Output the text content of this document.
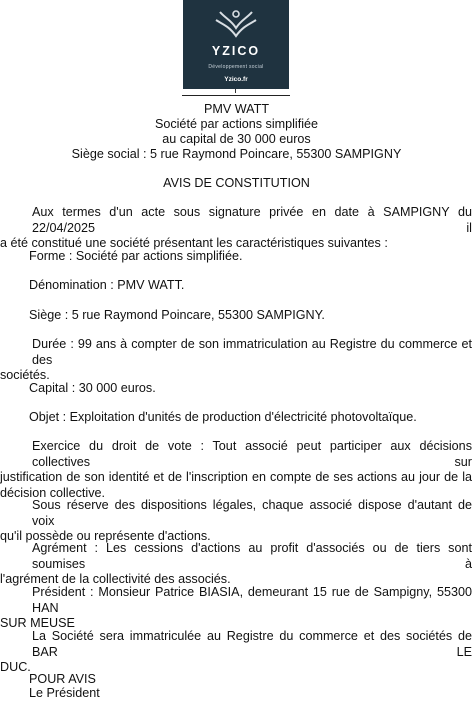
YZICO
Développement social
Yzico.fr
PMV WATT
Société par actions simplifiée
au capital de 30 000 euros
Siège social : 5 rue Raymond Poincare, 55300 SAMPIGNY
AVIS DE CONSTITUTION
Aux termes d'un acte sous signature privée en date à SAMPIGNY du 22/04/2025 il
a été constitué une société présentant les caractéristiques suivantes :
Forme : Société par actions simplifiée.
Dénomination : PMV WATT.
Siège : 5 rue Raymond Poincare, 55300 SAMPIGNY.
Durée : 99 ans à compter de son immatriculation au Registre du commerce et des
sociétés.
Capital : 30 000 euros.
Objet : Exploitation d'unités de production d'électricité photovoltaïque.
Exercice du droit de vote : Tout associé peut participer aux décisions collectives sur
justification de son identité et de l'inscription en compte de ses actions au jour de la
décision collective.
Sous réserve des dispositions légales, chaque associé dispose d'autant de voix
qu'il possède ou représente d'actions.
Agrément : Les cessions d'actions au profit d'associés ou de tiers sont soumises à
l'agrément de la collectivité des associés.
Président : Monsieur Patrice BIASIA, demeurant 15 rue de Sampigny, 55300 HAN
SUR MEUSE
La Société sera immatriculée au Registre du commerce et des sociétés de BAR LE
DUC.
POUR AVIS
Le Président
